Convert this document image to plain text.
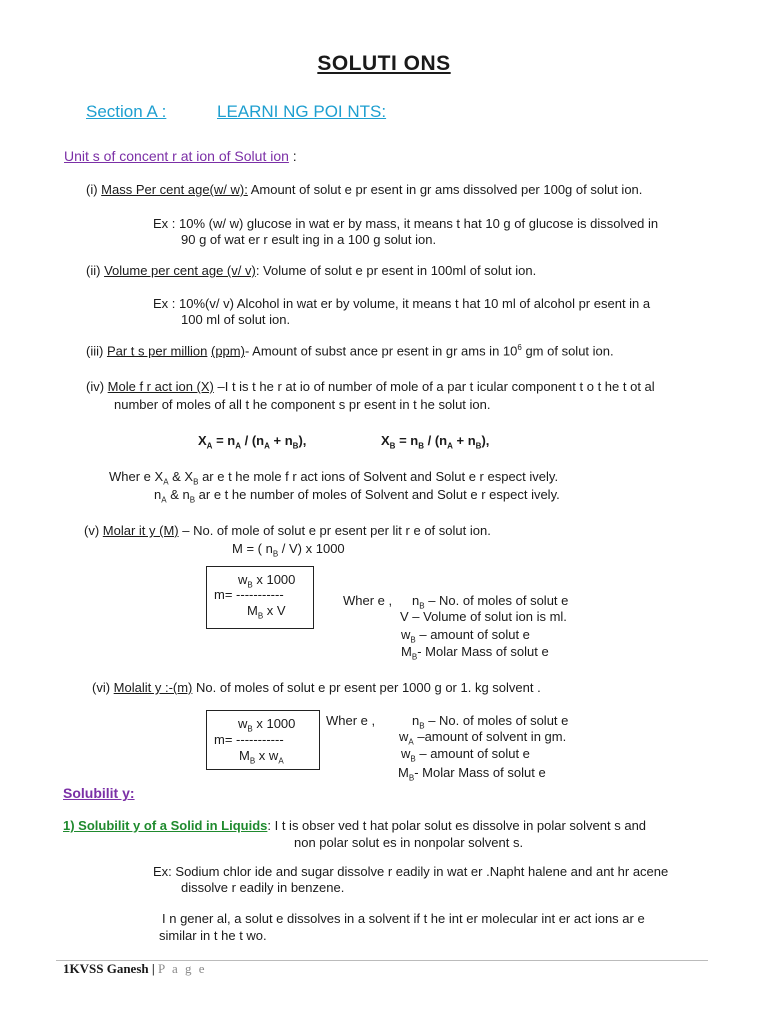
SOLUTI ONS
Section A :	LEARNI NG POI NTS:
Unit s of concent r at ion of Solut ion :
(i) Mass Per cent age(w/ w): Amount of solut e pr esent in gr ams dissolved per 100g of solut ion.
Ex : 10% (w/ w) glucose in wat er by mass, it means t hat 10 g of glucose is dissolved in
90 g of wat er r esult ing in a 100 g solut ion.
(ii) Volume per cent age (v/ v): Volume of solut e pr esent in 100ml of solut ion.
Ex : 10%(v/ v) Alcohol in wat er by volume, it means t hat 10 ml of alcohol pr esent in a
100 ml of solut ion.
(iii) Par t s per million (ppm)- Amount of subst ance pr esent in gr ams in $10^6$ gm of solut ion.
(iv) Mole f r act ion (X) –I t is t he r at io of number of mole of a par t icular component t o t he t ot al
number of moles of all t he component s pr esent in t he solut ion.
$X_A = n_A / (n_A + n_B)$,	$X_B = n_B / (n_A + n_B)$,
Wher e $X_A$ & $X_B$ ar e t he mole f r act ions of Solvent and Solut e r espect ively.
$n_A$ & $n_B$ ar e t he number of moles of Solvent and Solut e r espect ively.
(v) Molar it y (M) – No. of mole of solut e pr esent per lit r e of solut ion.
M = ( $n_B / V$) x 1000
$w_B$ x 1000
m= -----------
$M_B$ x V
Wher e , $n_B$ – No. of moles of solut e
V – Volume of solut ion is ml.
$w_B$ – amount of solut e
$M_B-$ Molar Mass of solut e
(vi) Molalit y :-(m) No. of moles of solut e pr esent per 1000 g or 1. kg solvent .
$w_B$ x 1000
m= -----------
$M_B$ x $w_A$
Wher e ,	$n_B$ – No. of moles of solut e
$w_A$ –amount of solvent in gm.
$w_B$ – amount of solut e
$M_B-$ Molar Mass of solut e
Solubilit y:
1) Solubilit y of a Solid in Liquids: I t is obser ved t hat polar solut es dissolve in polar solvent s and
non polar solut es in nonpolar solvent s.
Ex: Sodium chlor ide and sugar dissolve r eadily in wat er .Napht halene and ant hr acene
dissolve r eadily in benzene.
I n gener al, a solut e dissolves in a solvent if t he int er molecular int er act ions ar e
similar in t he t wo.
1KVSS Ganesh | P a g e
